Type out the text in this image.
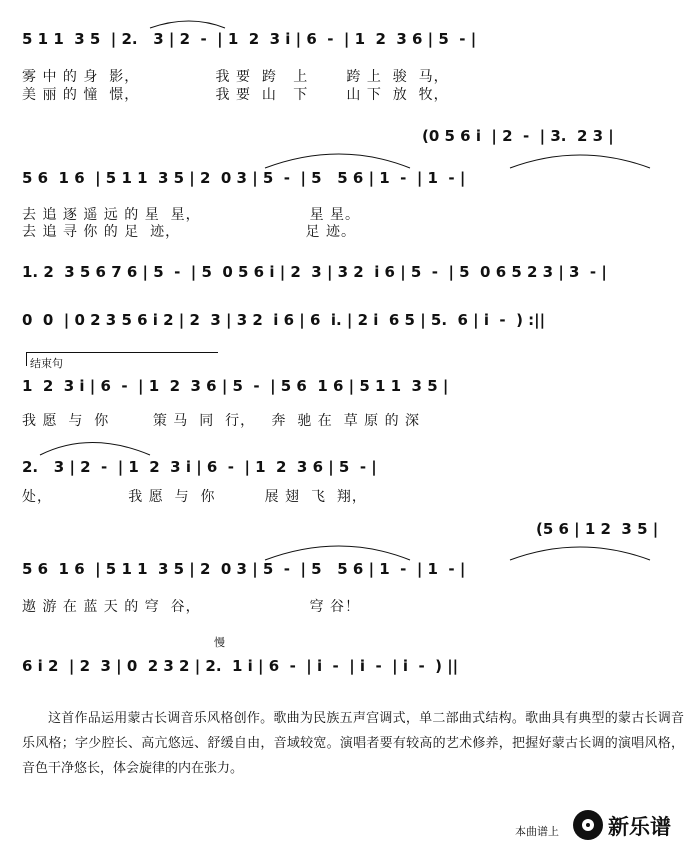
5 1 1  3 5  | 2.   3 | 2  -  | 1  2  3 i | 6  -  | 1  2  3 6 | 5  - |
雾 中 的 身  影，              我 要  跨   上       跨 上  骏  马，
美 丽 的 憧  憬，              我 要  山   下       山 下  放  牧，
(0 5 6 i  | 2  -  | 3.  2 3 |
5 6  1 6  | 5 1 1  3 5 | 2  0 3 | 5  -  | 5   5 6 | 1  -  | 1  - |
去 追 逐 遥 远 的 星  星，                    星 星。
去 追 寻 你 的 足  迹，                       足 迹。
1. 2  3 5 6 7 6 | 5  -  | 5  0 5 6 i | 2  3 | 3 2  i 6 | 5  -  | 5  0 6 5 2 3 | 3  - |
0  0  | 0 2 3 5 6 i 2 | 2  3 | 3 2  i 6 | 6  i. | 2 i  6 5 | 5.  6 | i  -  ) :||
结束句
1  2  3 i | 6  -  | 1  2  3 6 | 5  -  | 5 6  1 6 | 5 1 1  3 5 |
我 愿  与  你        策 马  同  行，   奔  驰 在  草 原 的 深
2.   3 | 2  -  | 1  2  3 i | 6  -  | 1  2  3 6 | 5  - |
处，              我 愿  与  你         展 翅  飞  翔，
(5 6 | 1 2  3 5 |
5 6  1 6  | 5 1 1  3 5 | 2  0 3 | 5  -  | 5   5 6 | 1  -  | 1  - |
遨 游 在 蓝 天 的 穹  谷，                    穹 谷！
慢
6 i 2  | 2  3 | 0  2 3 2 | 2.  1 i | 6  -  | i  -  | i  -  | i  -  ) ||
这首作品运用蒙古长调音乐风格创作。歌曲为民族五声宫调式，单二部曲式结构。歌曲具有典型的蒙古长调音乐风格；字少腔长、高亢悠远、舒缓自由，音域较宽。演唱者要有较高的艺术修养，把握好蒙古长调的演唱风格，音色干净悠长，体会旋律的内在张力。
本曲谱上 新乐谱
